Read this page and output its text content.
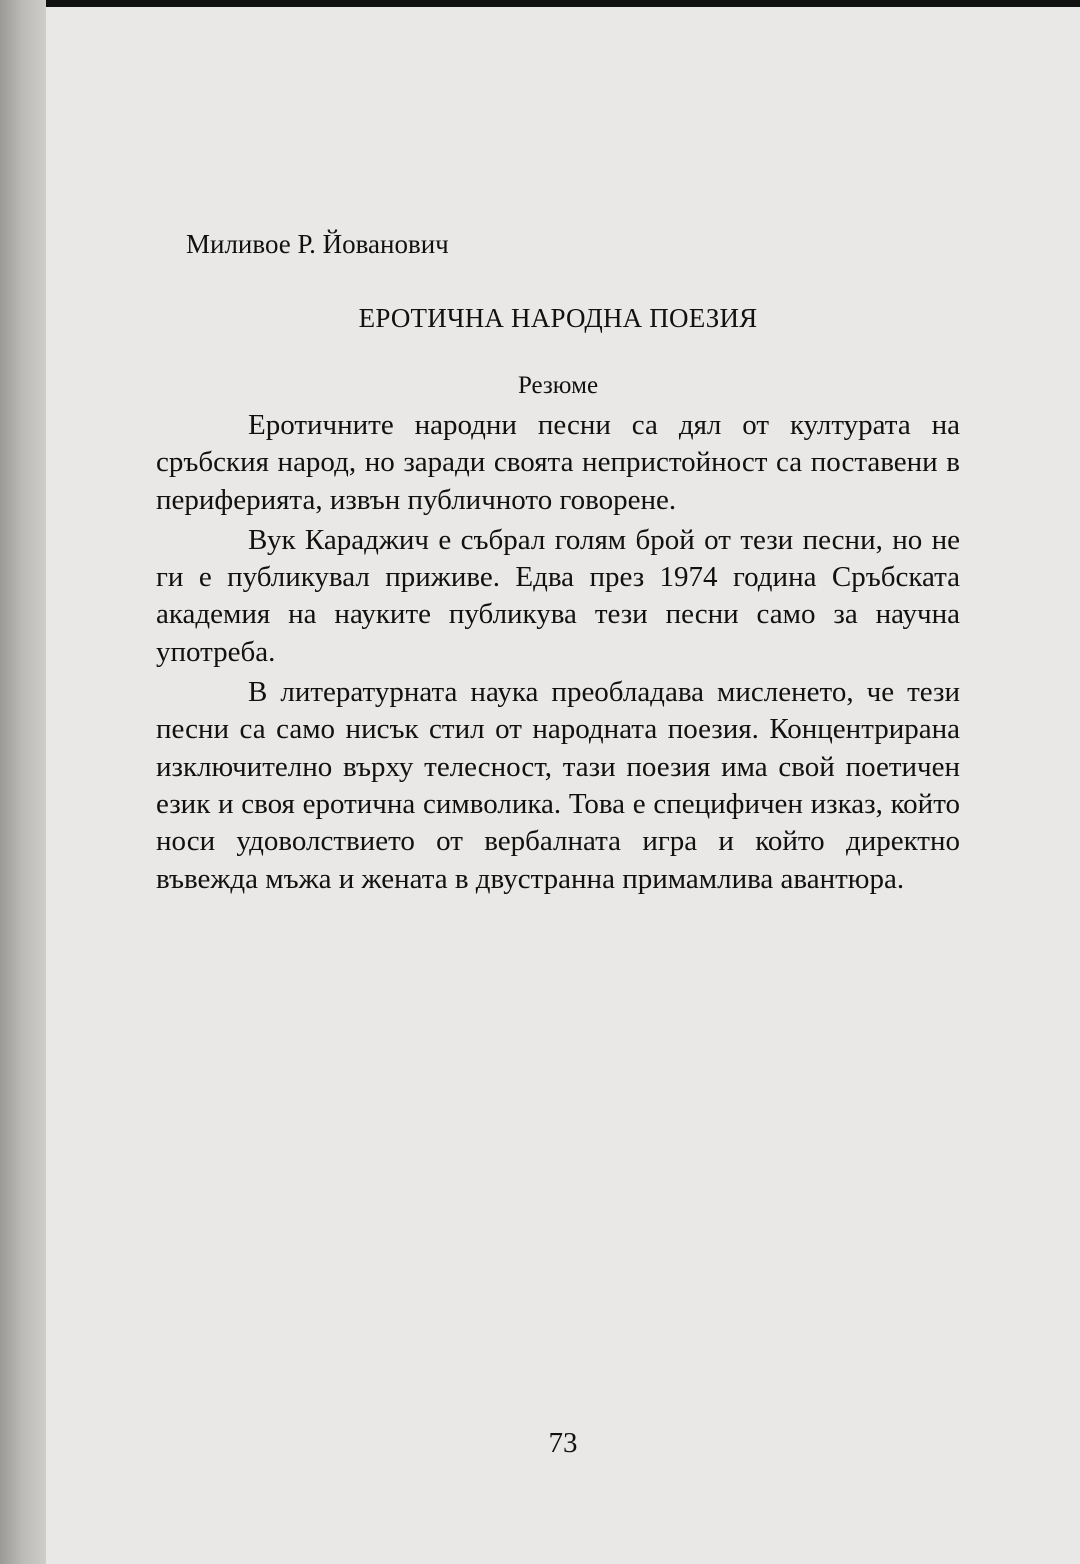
Миливое Р. Йованович
ЕРОТИЧНА НАРОДНА ПОЕЗИЯ
Резюме

Еротичните народни песни са дял от културата на сръбския народ, но заради своята непристойност са поставени в периферията, извън публичното говорене.

Вук Караджич е събрал голям брой от тези песни, но не ги е публикувал приживе. Едва през 1974 година Сръбската академия на науките публикува тези песни само за научна употреба.

В литературната наука преобладава мисленето, че тези песни са само нисък стил от народната поезия. Концентрирана изключително върху телесност, тази поезия има свой поетичен език и своя еротична символика. Това е специфичен изказ, който носи удоволствието от вербалната игра и който директно въвежда мъжа и жената в двустранна примамлива авантюра.

73
